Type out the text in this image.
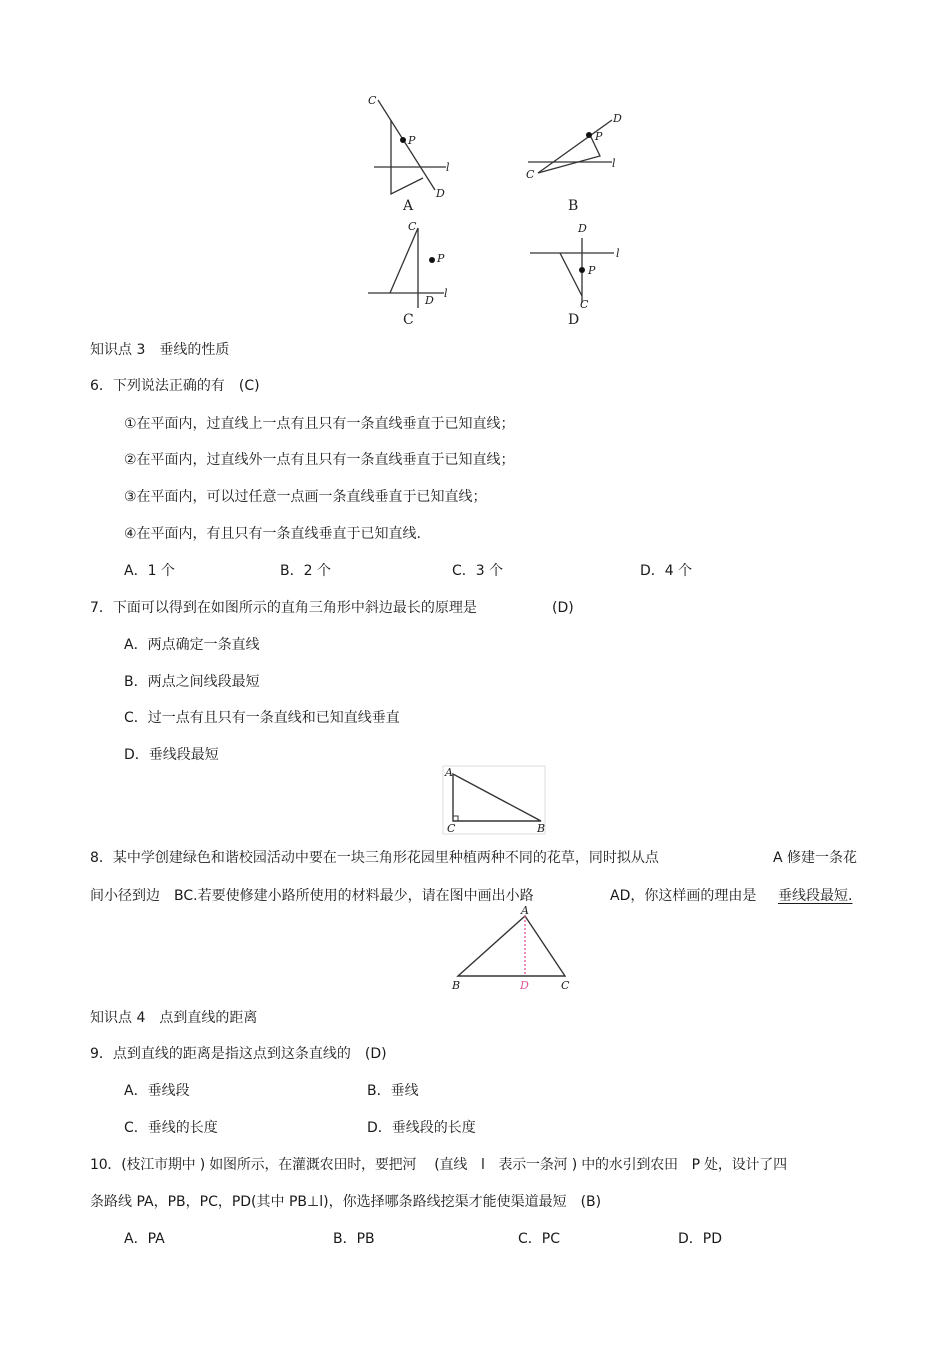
C
P
D
l
A
C
P
D
l
B
C
P
D
l
C
D
P
C
l
D
知识点 3　垂线的性质
6．下列说法正确的有　(C)
①在平面内，过直线上一点有且只有一条直线垂直于已知直线；
②在平面内，过直线外一点有且只有一条直线垂直于已知直线；
③在平面内，可以过任意一点画一条直线垂直于已知直线；
④在平面内，有且只有一条直线垂直于已知直线.
A．1 个	B．2 个	C．3 个	D．4 个
7．下面可以得到在如图所示的直角三角形中斜边最长的原理是	(D)
A．两点确定一条直线
B．两点之间线段最短
C．过一点有且只有一条直线和已知直线垂直
D．垂线段最短
A
C	B
8．某中学创建绿色和谐校园活动中要在一块三角形花园里种植两种不同的花草，同时拟从点	A 修建一条花
间小径到边　BC.若要使修建小路所使用的材料最少，请在图中画出小路	AD，你这样画的理由是 垂线段最短.
A
B	D	C
知识点 4　点到直线的距离
9．点到直线的距离是指这点到这条直线的　(D)
A．垂线段	B．垂线
C．垂线的长度	D．垂线段的长度
10．(枝江市期中 ) 如图所示，在灌溉农田时，要把河　 (直线　l　表示一条河 ) 中的水引到农田　P 处，设计了四
条路线 PA，PB，PC，PD(其中 PB⊥l)，你选择哪条路线挖渠才能使渠道最短　(B)
A．PA	B．PB	C．PC	D．PD
